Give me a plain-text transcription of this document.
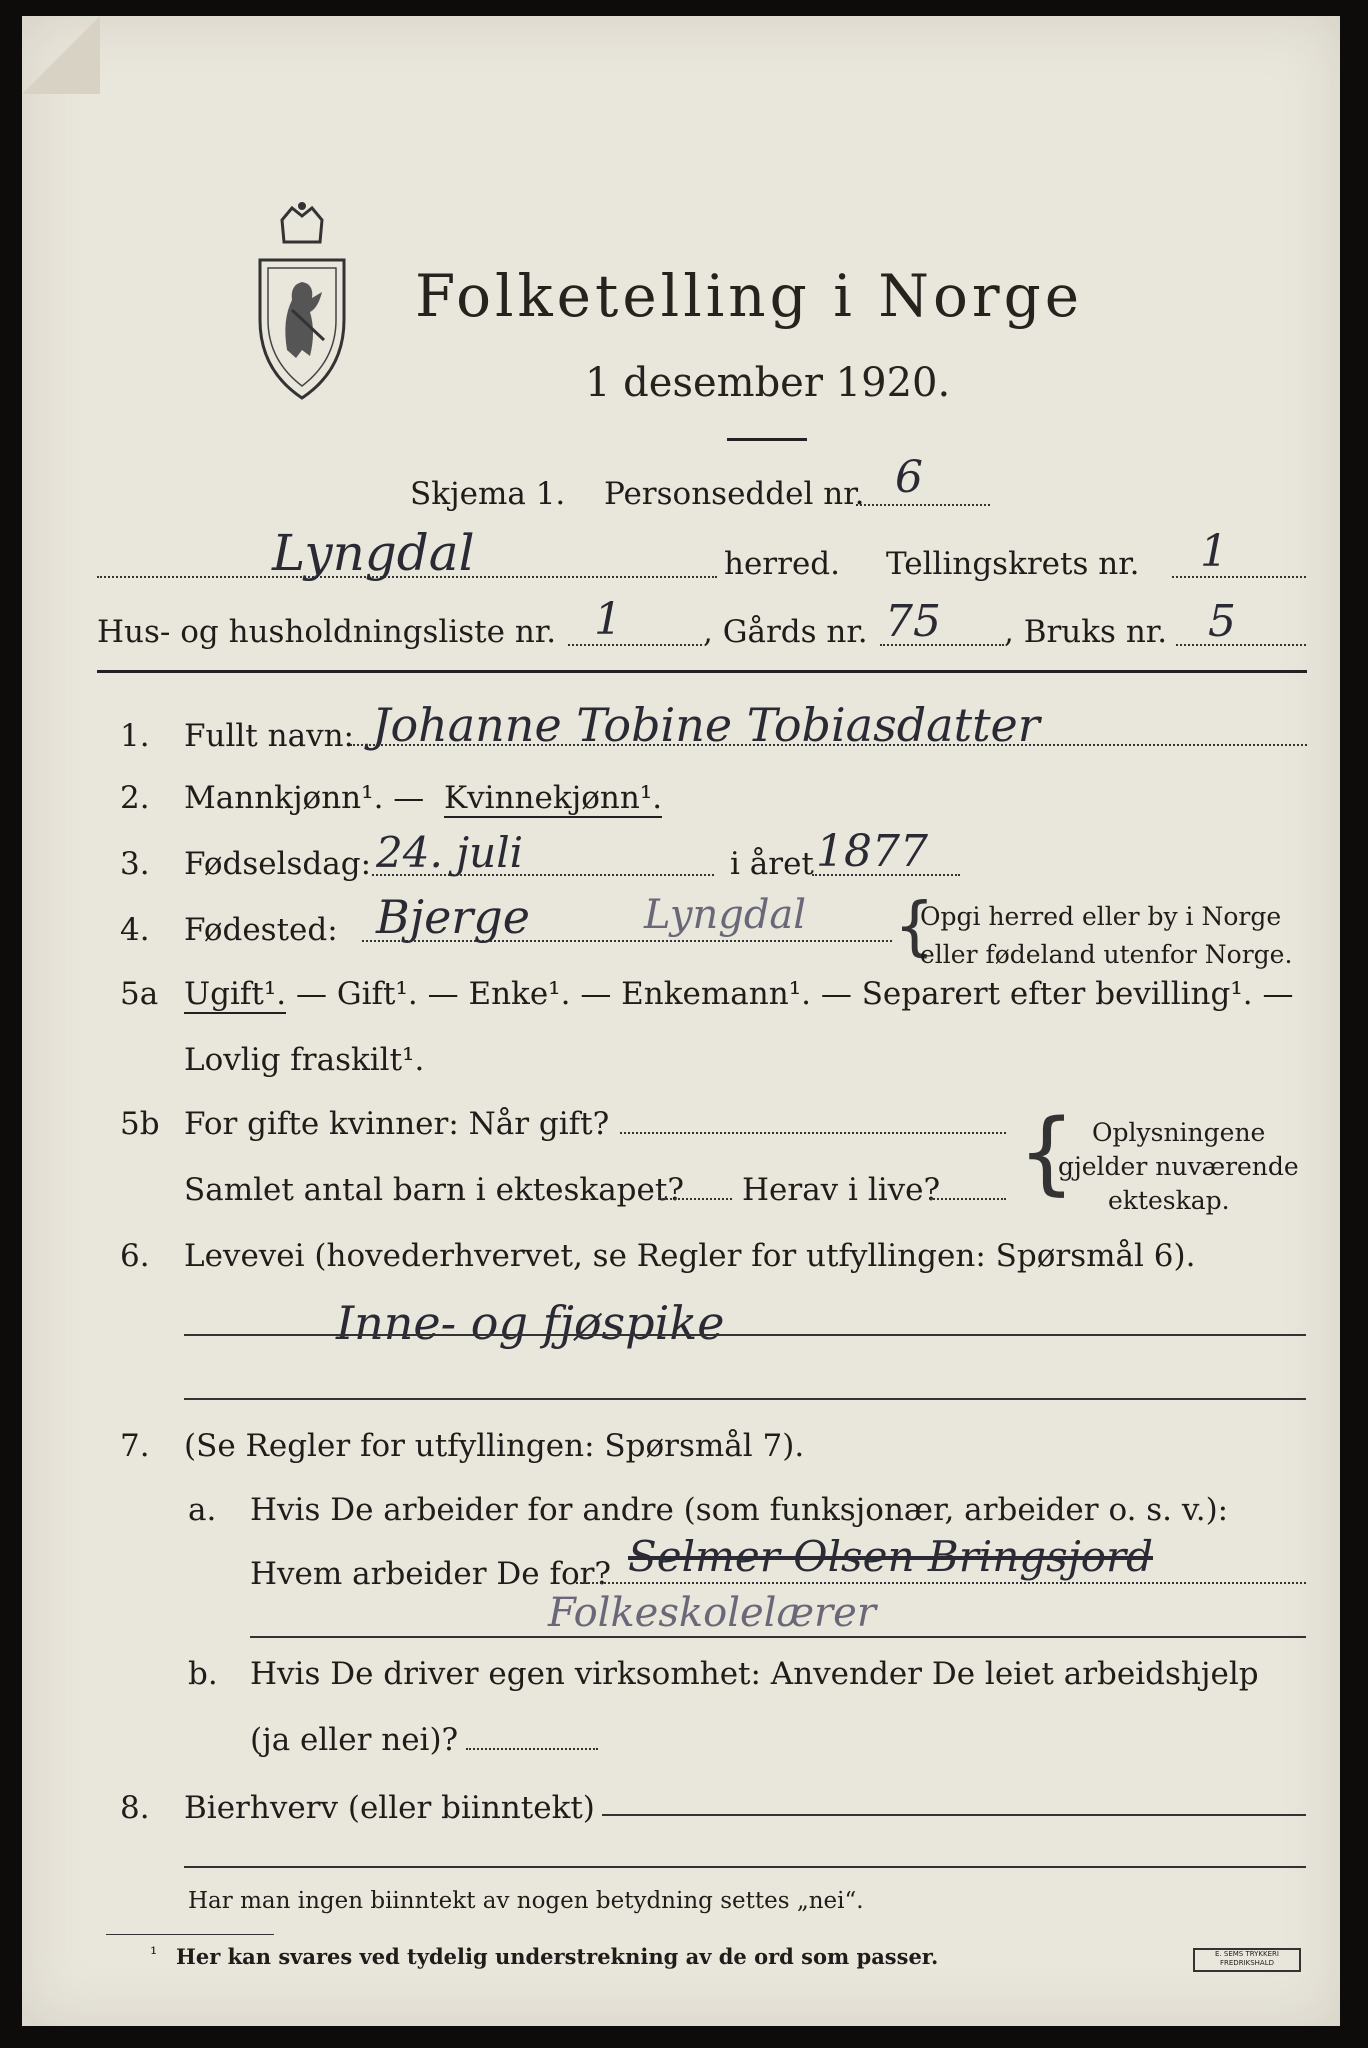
Folketelling i Norge
1 desember 1920.
Skjema 1. Personseddel nr. 6
Lyngdal	herred. Tellingskrets nr. 1
Hus- og husholdningsliste nr. 1	, Gårds nr. 75 , Bruks nr. 5
1. Fullt navn: Johanne Tobine Tobiasdatter
2. Mannkjønn¹. — Kvinnekjønn¹.
3. Fødselsdag: 24. juli	i året 1877
4. Fødested: Bjerge	Lyngdal {
Opgi herred eller by i Norge
eller fødeland utenfor Norge.
5a Ugift¹. — Gift¹. — Enke¹. — Enkemann¹. — Separert efter bevilling¹. —
Lovlig fraskilt¹.
5b For gifte kvinner: Når gift?
Samlet antal barn i ekteskapet? Herav i live? { Oplysningene
gjelder nuværende
ekteskap.
6. Levevei (hovederhvervet, se Regler for utfyllingen: Spørsmål 6).
Inne- og fjøspike
7. (Se Regler for utfyllingen: Spørsmål 7).
a. Hvis De arbeider for andre (som funksjonær, arbeider o. s. v.):
Hvem arbeider De for? Selmer Olsen Bringsjord
Folkeskolelærer
b. Hvis De driver egen virksomhet: Anvender De leiet arbeidshjelp
(ja eller nei)?
8. Bierhverv (eller biinntekt)
Har man ingen biinntekt av nogen betydning settes „nei“.
¹ Her kan svares ved tydelig understrekning av de ord som passer.	E. SEMS TRYKKERI FREDRIKSHALD
